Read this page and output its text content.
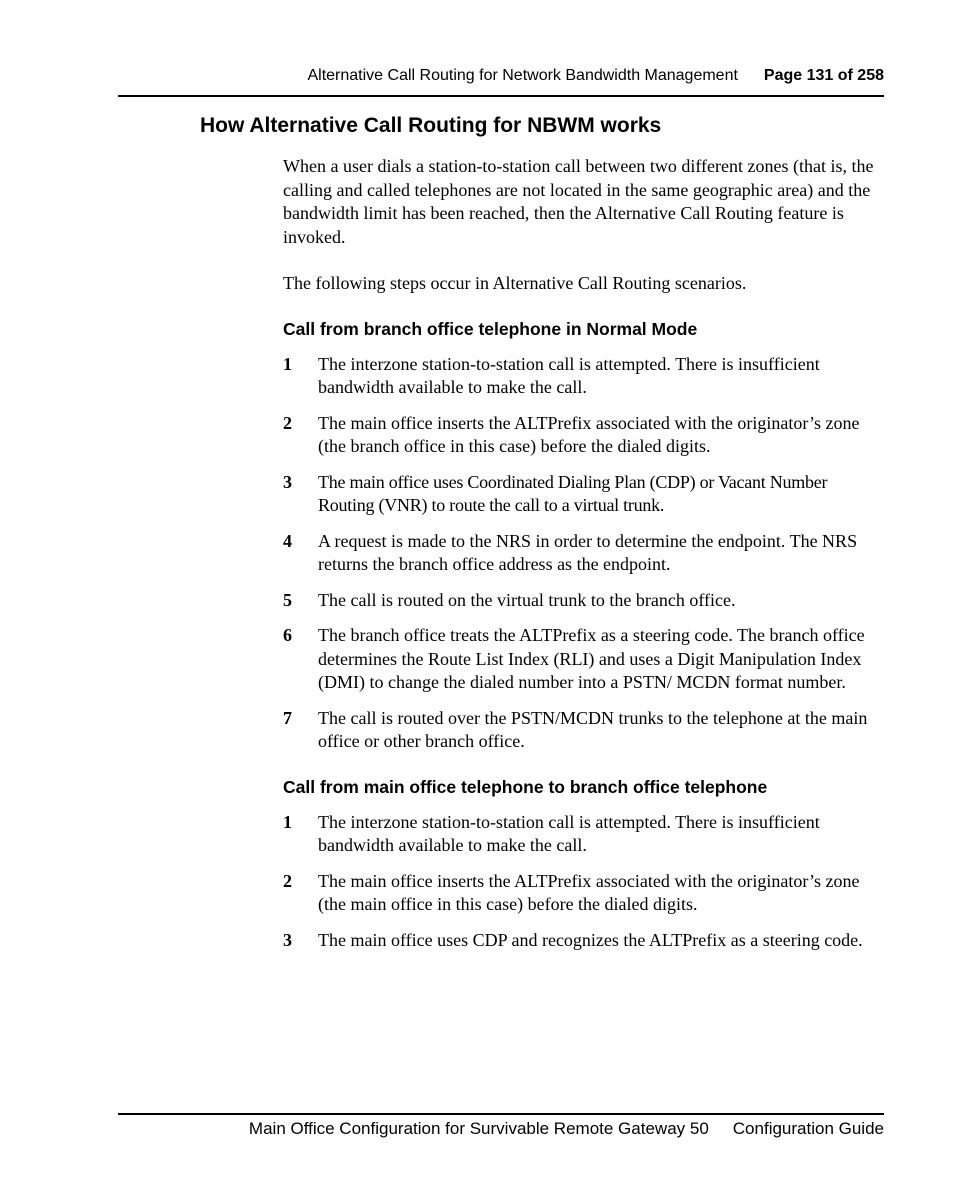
Alternative Call Routing for Network Bandwidth Management Page 131 of 258
How Alternative Call Routing for NBWM works

When a user dials a station-to-station call between two different zones (that is, the calling and called telephones are not located in the same geographic area) and the bandwidth limit has been reached, then the Alternative Call Routing feature is invoked.

The following steps occur in Alternative Call Routing scenarios.

Call from branch office telephone in Normal Mode
1	The interzone station-to-station call is attempted. There is insufficient bandwidth available to make the call.
2	The main office inserts the ALTPrefix associated with the originator’s zone (the branch office in this case) before the dialed digits.
3	The main office uses Coordinated Dialing Plan (CDP) or Vacant Number Routing (VNR) to route the call to a virtual trunk.
4	A request is made to the NRS in order to determine the endpoint. The NRS returns the branch office address as the endpoint.
5	The call is routed on the virtual trunk to the branch office.
6	The branch office treats the ALTPrefix as a steering code. The branch office determines the Route List Index (RLI) and uses a Digit Manipulation Index (DMI) to change the dialed number into a PSTN/ MCDN format number.
7	The call is routed over the PSTN/MCDN trunks to the telephone at the main office or other branch office.
Call from main office telephone to branch office telephone
1	The interzone station-to-station call is attempted. There is insufficient bandwidth available to make the call.
2	The main office inserts the ALTPrefix associated with the originator’s zone (the main office in this case) before the dialed digits.
3	The main office uses CDP and recognizes the ALTPrefix as a steering code.
Main Office Configuration for Survivable Remote Gateway 50 Configuration Guide
